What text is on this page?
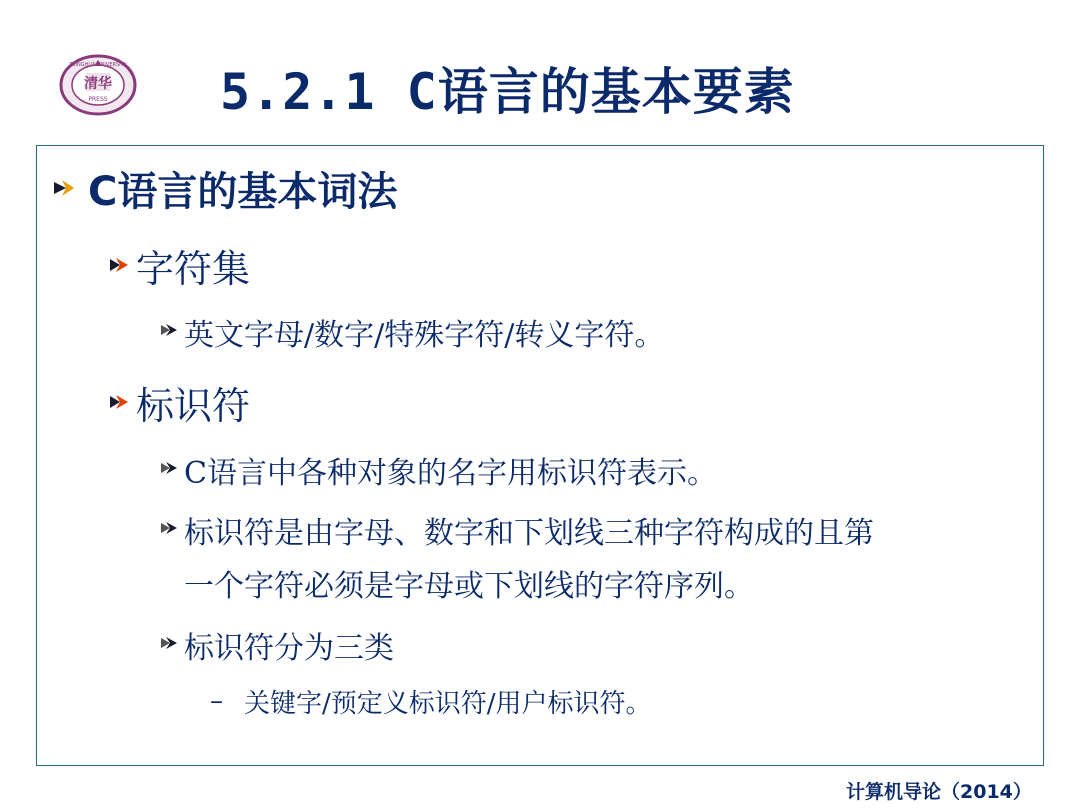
清华
PRESS
TSINGHUA UNIVERSITY 5.2.1 C语言的基本要素
C语言的基本词法
字符集
英文字母/数字/特殊字符/转义字符。
标识符
C语言中各种对象的名字用标识符表示。
标识符是由字母、数字和下划线三种字符构成的且第
一个字符必须是字母或下划线的字符序列。
标识符分为三类
– 关键字/预定义标识符/用户标识符。
计算机导论（2014）
